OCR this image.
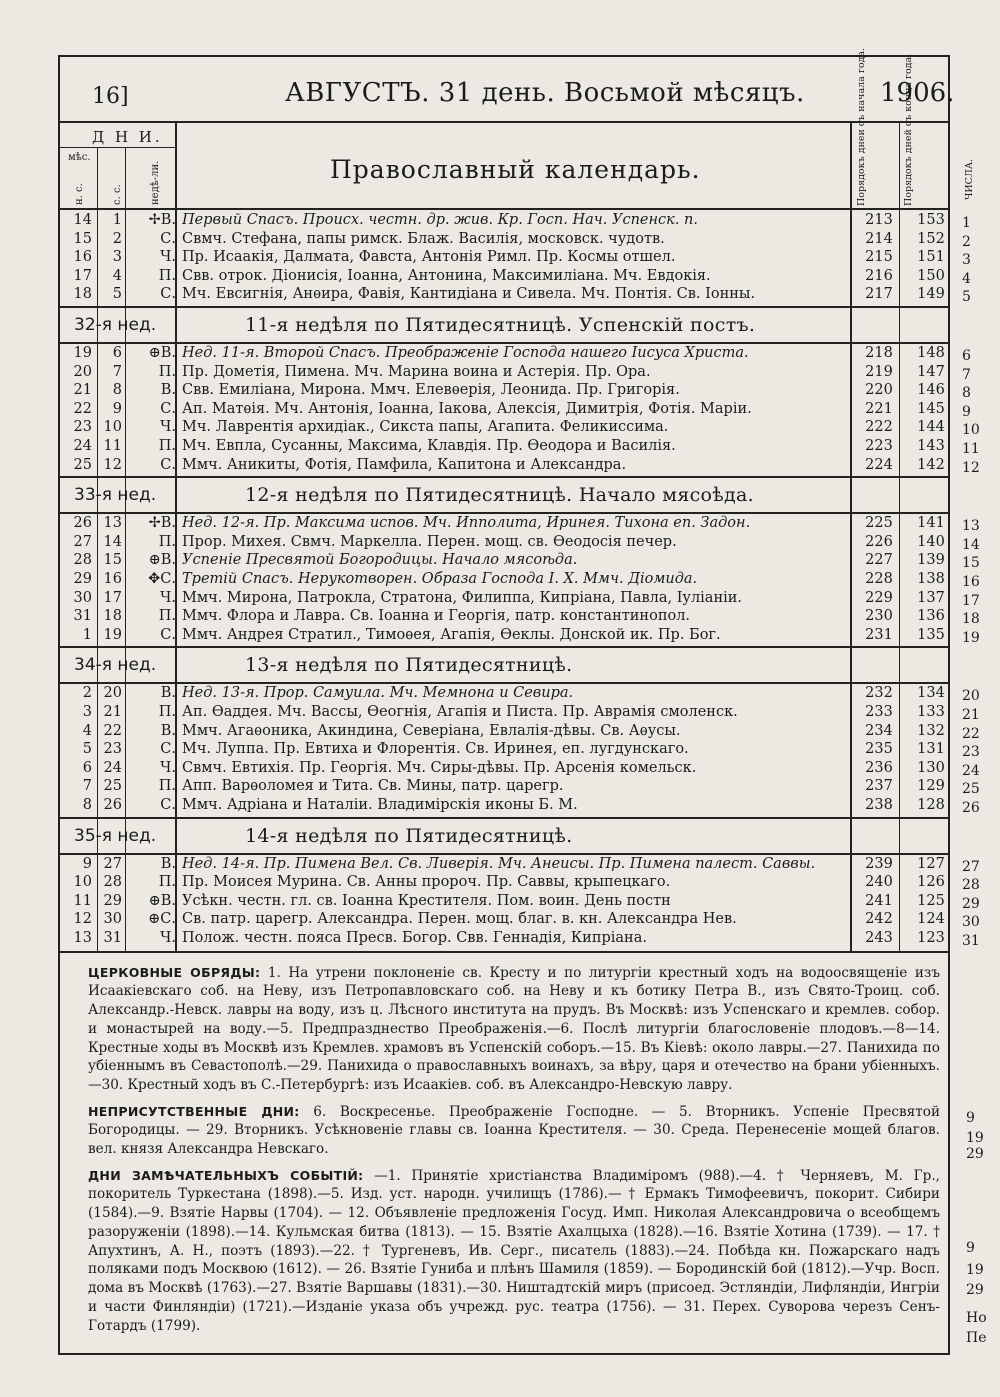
16]	АВГУСТЪ. 31 день. Восьмой мѣсяцъ.	1906.
Д Н И.
мѣс.
н. с.	с. с.	недѣ-ли.	Православный календарь.	Порядокъ днеи съ начала года.	Порядокъ дней съ конца года.	ЧИСЛА.
ЦЕРКОВНЫЕ ОБРЯДЫ: 1. На утрени поклоненіе св. Кресту и по литургіи крестный ходъ на водоосвященіе изъ Исаакіевскаго соб. на Неву, изъ Петропавловскаго соб. на Неву и къ ботику Петра В., изъ Свято-Троиц. соб. Александр.-Невск. лавры на воду, изъ ц. Лѣсного института на прудъ. Въ Москвѣ: изъ Успенскаго и кремлев. собор. и монастырей на воду.—5. Предпразднество Преображенія.—6. Послѣ литургіи благословеніе плодовъ.—8—14. Крестные ходы въ Москвѣ изъ Кремлев. храмовъ въ Успенскій соборъ.—15. Въ Кіевѣ: около лавры.—27. Панихида по убіеннымъ въ Севастополѣ.—29. Панихида о православныхъ воинахъ, за вѣру, царя и отечество на брани убіенныхъ.—30. Крестный ходъ въ С.-Петербургѣ: изъ Исаакіев. соб. въ Александро-Невскую лавру.
14	1	✢В. Первый Спасъ. Происх. честн. др. жив. Кр. Госп. Нач. Успенск. п.	213	153	1
15	2	С. Свмч. Стефана, папы римск. Блаж. Василія, московск. чудотв.	214	152	2
16	3	Ч. Пр. Исаакія, Далмата, Фавста, Антонія Римл. Пр. Космы отшел.	215	151	3
17	4	П. Свв. отрок. Діонисія, Іоанна, Антонина, Максимиліана. Мч. Евдокія.	216	150	4
18	5	С. Мч. Евсигнія, Анѳира, Фавія, Кантидіана и Сивела. Мч. Понтія. Св. Іонны.	217	149	5
32-я нед.	11-я недѣля по Пятидесятницѣ. Успенскій постъ.
19	6	⊕В. Нед. 11-я. Второй Спасъ. Преображеніе Господа нашего Іисуса Христа.	218	148	6
20	7	П. Пр. Дометія, Пимена. Мч. Марина воина и Астерія. Пр. Ора.	219	147	7
21	8	В. Свв. Емиліана, Мирона. Ммч. Елевѳерія, Леонида. Пр. Григорія.	220	146	8
22	9	С. Ап. Матѳія. Мч. Антонія, Іоанна, Іакова, Алексія, Димитрія, Фотія. Маріи.	221	145	9
23 10	Ч. Мч. Лаврентія архидіак., Сикста папы, Агапита. Феликиссима.	222	144	10
24 11	П. Мч. Евпла, Сусанны, Максима, Клавдія. Пр. Ѳеодора и Василія.	223	143	11
25 12	С. Ммч. Аникиты, Фотія, Памфила, Капитона и Александра.	224	142	12
33-я нед.	12-я недѣля по Пятидесятницѣ. Начало мясоѣда.
26 13	✢В. Нед. 12-я. Пр. Максима испов. Мч. Ипполита, Иринея. Тихона еп. Задон.	225	141	13
27 14	П. Прор. Михея. Свмч. Маркелла. Перен. мощ. св. Ѳеодосія печер.	226	140	14
28 15	⊕В. Успеніе Пресвятой Богородицы. Начало мясоѣда.	227	139	15
29 16	✥С. Третій Спасъ. Нерукотворен. Образа Господа І. Х. Ммч. Діомида.	228	138	16
30 17	Ч. Ммч. Мирона, Патрокла, Стратона, Филиппа, Кипріана, Павла, Іуліаніи.	229	137	17
31 18	П. Ммч. Флора и Лавра. Св. Іоанна и Георгія, патр. константинопол.	230	136	18
1 19	С. Ммч. Андрея Стратил., Тимоѳея, Агапія, Ѳеклы. Донской ик. Пр. Бог.	231	135	19
34-я нед.	13-я недѣля по Пятидесятницѣ.
2 20	В. Нед. 13-я. Прор. Самуила. Мч. Мемнона и Севира.	232	134	20
3 21	П. Ап. Ѳаддея. Мч. Вассы, Ѳеогнія, Агапія и Писта. Пр. Аврамія смоленск.	233	133	21
4 22	В. Ммч. Агаѳоника, Акиндина, Северіана, Евлалія-дѣвы. Св. Аѳусы.	234	132	22
5 23	С. Мч. Луппа. Пр. Евтиха и Флорентія. Св. Иринея, еп. лугдунскаго.	235	131	23
6 24	Ч. Свмч. Евтихія. Пр. Георгія. Мч. Сиры-дѣвы. Пр. Арсенія комельск.	236	130	24
7 25	П. Апп. Варѳоломея и Тита. Св. Мины, патр. царегр.	237	129	25
8 26	С. Ммч. Адріана и Наталіи. Владимірскія иконы Б. М.	238	128	26
35-я нед.	14-я недѣля по Пятидесятницѣ.
9 27	В. Нед. 14-я. Пр. Пимена Вел. Св. Ливерія. Мч. Анеисы. Пр. Пимена палест. Саввы.	239	127	27
10 28	П. Пр. Моисея Мурина. Св. Анны пророч. Пр. Саввы, крыпецкаго.	240	126	28
11 29	⊕В. Усѣкн. честн. гл. св. Іоанна Крестителя. Пом. воин. День постн	241	125	29
12 30	⊕С. Св. патр. царегр. Александра. Перен. мощ. благ. в. кн. Александра Нев.	242	124	30
13 31	Ч. Полож. честн. пояса Пресв. Богор. Свв. Геннадія, Кипріана.	243	123	31
НЕПРИСУТСТВЕННЫЕ ДНИ: 6. Воскресенье. Преображеніе Господне. — 5. Вторникъ. Успеніе Пресвятой Богородицы. — 29. Вторникъ. Усѣкновеніе главы св. Іоанна Крестителя. — 30. Среда. Перенесеніе мощей благов. вел. князя Александра Невскаго.
ДНИ ЗАМѢЧАТЕЛЬНЫХЪ СОБЫТІЙ: —1. Принятіе христіанства Владиміромъ (988).—4. † Черняевъ, М. Гр., покоритель Туркестана (1898).—5. Изд. уст. народн. училищъ (1786).— † Ермакъ Тимофеевичъ, покорит. Сибири (1584).—9. Взятіе Нарвы (1704). — 12. Объявленіе предложенія Госуд. Имп. Николая Александровича о всеобщемъ разоруженіи (1898).—14. Кульмская битва (1813). — 15. Взятіе Ахалцыха (1828).—16. Взятіе Хотина (1739). — 17. † Апухтинъ, А. Н., поэтъ (1893).—22. † Тургеневъ, Ив. Серг., писатель (1883).—24. Побѣда кн. Пожарскаго надъ поляками подъ Москвою (1612). — 26. Взятіе Гуниба и плѣнъ Шамиля (1859). — Бородинскій бой (1812).—Учр. Восп. дома въ Москвѣ (1763).—27. Взятіе Варшавы (1831).—30. Ништадтскій миръ (присоед. Эстляндіи, Лифляндіи, Ингріи и части Финляндіи) (1721).—Изданіе указа объ учрежд. рус. театра (1756). — 31. Перех. Суворова черезъ Сенъ-Готардъ (1799).
9
19
29
9
19
29
Но
Пе
